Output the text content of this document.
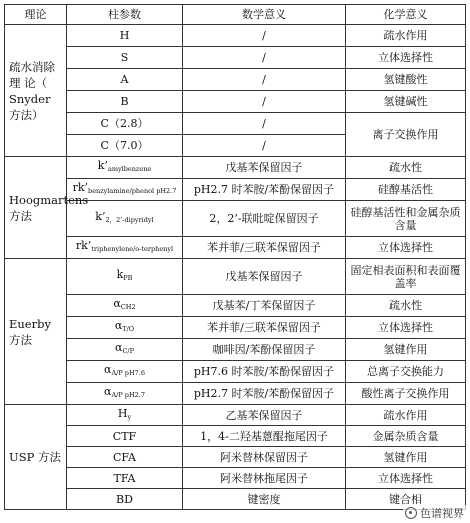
理论	柱参数	数学意义	化学意义
疏水消除理 论（ Snyder 方法）	H	/	疏水作用
	S	/	立体选择性
	A	/	氢键酸性
	B	/	氢键碱性
	C（2.8）	/	离子交换作用
	C（7.0）	/	
Hoogmartens 方法	$k’_{amylbenzene}$	戊基苯保留因子	疏水性
	$rk’_{benzylamine/phenol pH2.7}$	pH2.7 时苯胺/苯酚保留因子	硅醇基活性
	$k’_{2,2’-dipyridyl}$	2，2’-联吡啶保留因子	硅醇基活性和金属杂质含量
	$rk’_{triphenylene/o-terphenyl}$	苯并菲/三联苯保留因子	立体选择性
Euerby 方法	$k_{PB}$	戊基苯保留因子	固定相表面积和表面覆盖率
	$\alpha_{CH2}$	戊基苯/丁苯保留因子	疏水性
	$\alpha_{T/O}$	苯并菲/三联苯保留因子	立体选择性
	$\alpha_{C/P}$	咖啡因/苯酚保留因子	氢键作用
	$\alpha_{A/P pH7.6}$	pH7.6 时苯胺/苯酚保留因子	总离子交换能力
	$\alpha_{A/P pH2.7}$	pH2.7 时苯胺/苯酚保留因子	酸性离子交换作用
USP 方法	$H_y$	乙基苯保留因子	疏水作用
	CTF	1，4-二羟基蒽醌拖尾因子	金属杂质含量
	CFA	阿米替林保留因子	氢键作用
	TFA	阿米替林拖尾因子	立体选择性
	BD	键密度	键合相
色谱视界
